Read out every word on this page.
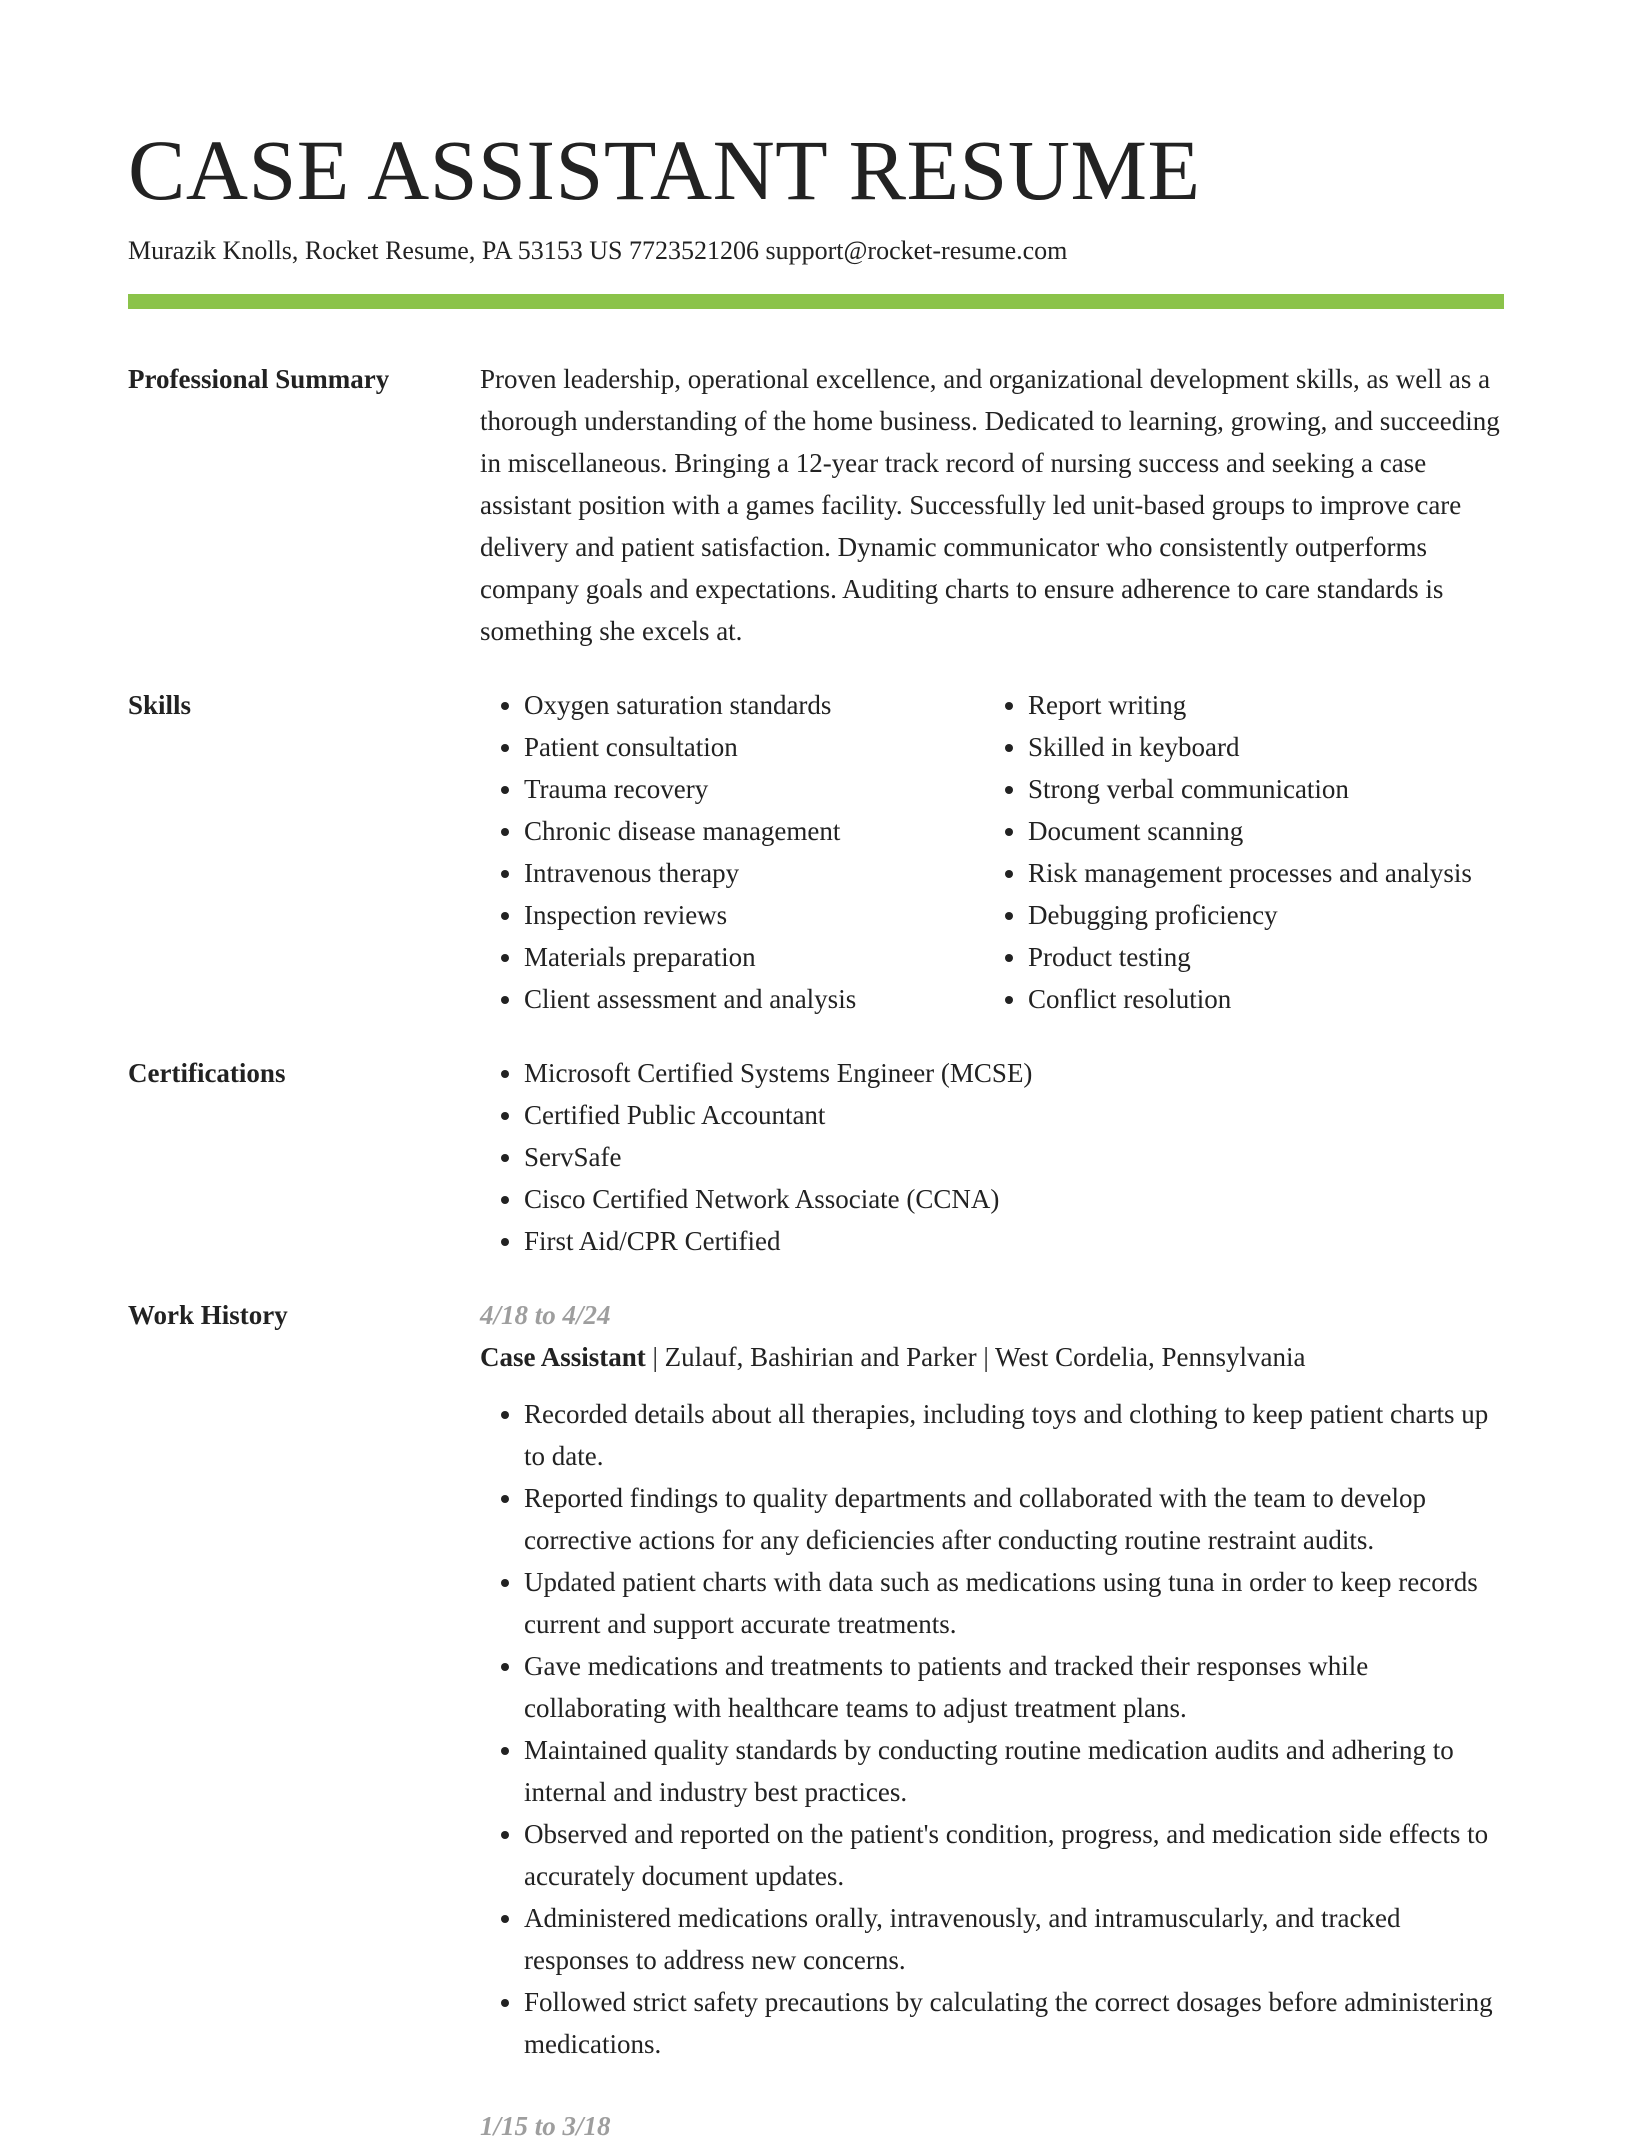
CASE ASSISTANT RESUME
Murazik Knolls, Rocket Resume, PA 53153 US 7723521206 support@rocket-resume.com
Professional Summary	Proven leadership, operational excellence, and organizational development skills, as well as a thorough understanding of the home business. Dedicated to learning, growing, and succeeding in miscellaneous. Bringing a 12-year track record of nursing success and seeking a case assistant position with a games facility. Successfully led unit-based groups to improve care delivery and patient satisfaction. Dynamic communicator who consistently outperforms company goals and expectations. Auditing charts to ensure adherence to care standards is something she excels at.

Skills	• Oxygen saturation standards
• Patient consultation
• Trauma recovery
• Chronic disease management
• Intravenous therapy
• Inspection reviews
• Materials preparation
• Client assessment and analysis
• Report writing
• Skilled in keyboard
• Strong verbal communication
• Document scanning
• Risk management processes and analysis
• Debugging proficiency
• Product testing
• Conflict resolution
Certifications	• Microsoft Certified Systems Engineer (MCSE)
• Certified Public Accountant
• ServSafe
• Cisco Certified Network Associate (CCNA)
• First Aid/CPR Certified
Work History	4/18 to 4/24
Case Assistant | Zulauf, Bashirian and Parker | West Cordelia, Pennsylvania
• Recorded details about all therapies, including toys and clothing to keep patient charts up to date.
• Reported findings to quality departments and collaborated with the team to develop corrective actions for any deficiencies after conducting routine restraint audits.
• Updated patient charts with data such as medications using tuna in order to keep records current and support accurate treatments.
• Gave medications and treatments to patients and tracked their responses while collaborating with healthcare teams to adjust treatment plans.
• Maintained quality standards by conducting routine medication audits and adhering to internal and industry best practices.
• Observed and reported on the patient's condition, progress, and medication side effects to accurately document updates.
• Administered medications orally, intravenously, and intramuscularly, and tracked responses to address new concerns.
• Followed strict safety precautions by calculating the correct dosages before administering medications.
1/15 to 3/18
